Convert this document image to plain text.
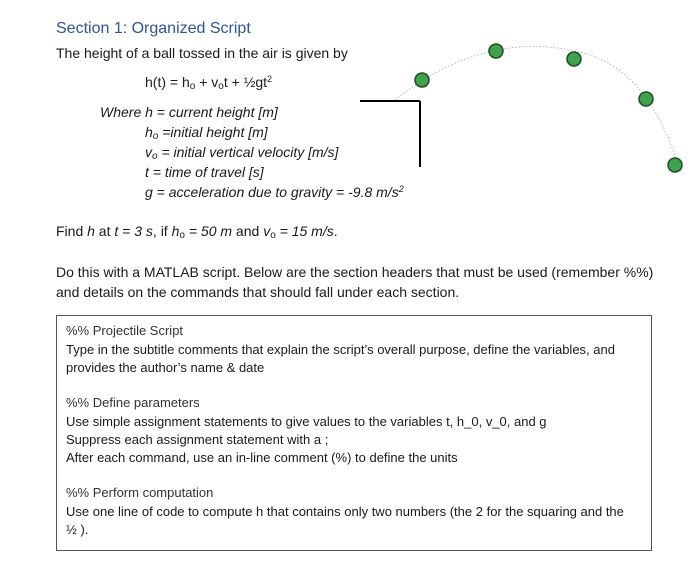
Section 1: Organized Script
The height of a ball tossed in the air is given by
$h(t) = h_o + v_ot$ + $\frac{1}{2}gt^2$
Where h = current height [m]
$h_o$ =initial height [m]
$v_o$ = initial vertical velocity [m/s]
t = time of travel [s]
g = acceleration due to gravity = -9.8 $m/s^2$
Find h at t = 3 s, if $h_o = 50$ m and $v_o = 15$ m/s.
Do this with a MATLAB script. Below are the section headers that must be used (remember %%) and details on the commands that should fall under each section.
%% Projectile Script
Type in the subtitle comments that explain the script’s overall purpose, define the variables, and provides the author’s name & date
%% Define parameters
Use simple assignment statements to give values to the variables t, h_0, v_0, and g
Suppress each assignment statement with a ;
After each command, use an in-line comment (%) to define the units
%% Perform computation
Use one line of code to compute h that contains only two numbers (the 2 for the squaring and the ½ ).
